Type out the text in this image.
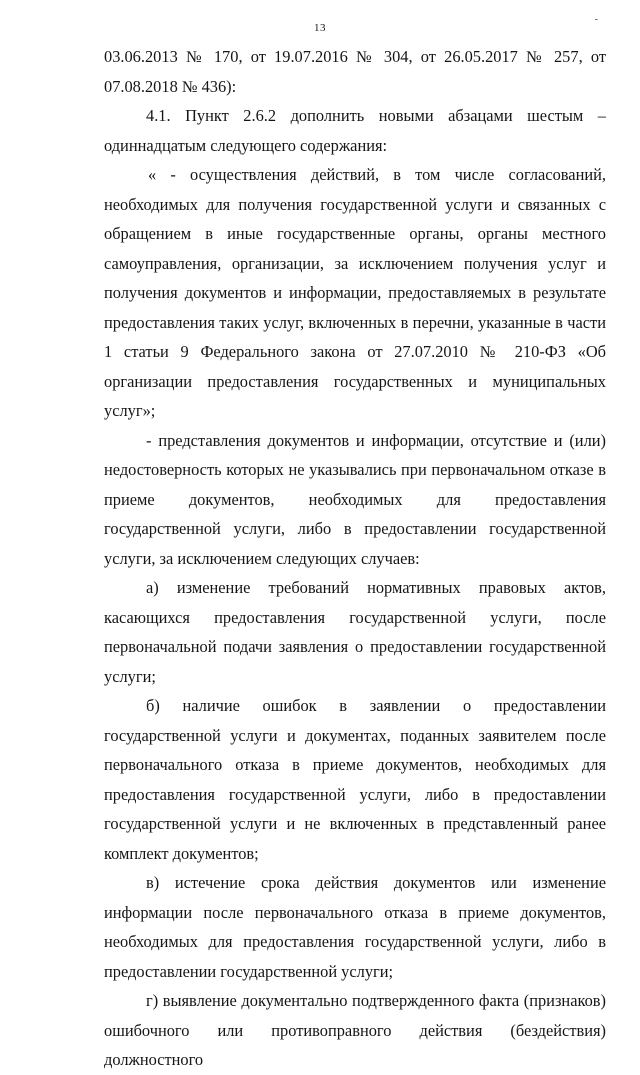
13
-

03.06.2013 № 170, от 19.07.2016 № 304, от 26.05.2017 № 257, от 07.08.2018 № 436):

4.1. Пункт 2.6.2 дополнить новыми абзацами шестым – одиннадцатым следующего содержания:

« - осуществления действий, в том числе согласований, необходимых для получения государственной услуги и связанных с обращением в иные государственные органы, органы местного самоуправления, организации, за исключением получения услуг и получения документов и информации, предоставляемых в результате предоставления таких услуг, включенных в перечни, указанные в части 1 статьи 9 Федерального закона от 27.07.2010 № 210-ФЗ «Об организации предоставления государственных и муниципальных услуг»;

- представления документов и информации, отсутствие и (или) недостоверность которых не указывались при первоначальном отказе в приеме документов, необходимых для предоставления государственной услуги, либо в предоставлении государственной услуги, за исключением следующих случаев:

а) изменение требований нормативных правовых актов, касающихся предоставления государственной услуги, после первоначальной подачи заявления о предоставлении государственной услуги;

б) наличие ошибок в заявлении о предоставлении государственной услуги и документах, поданных заявителем после первоначального отказа в приеме документов, необходимых для предоставления государственной услуги, либо в предоставлении государственной услуги и не включенных в представленный ранее комплект документов;

в) истечение срока действия документов или изменение информации после первоначального отказа в приеме документов, необходимых для предоставления государственной услуги, либо в предоставлении государственной услуги;

г) выявление документально подтвержденного факта (признаков) ошибочного или противоправного действия (бездействия) должностного
